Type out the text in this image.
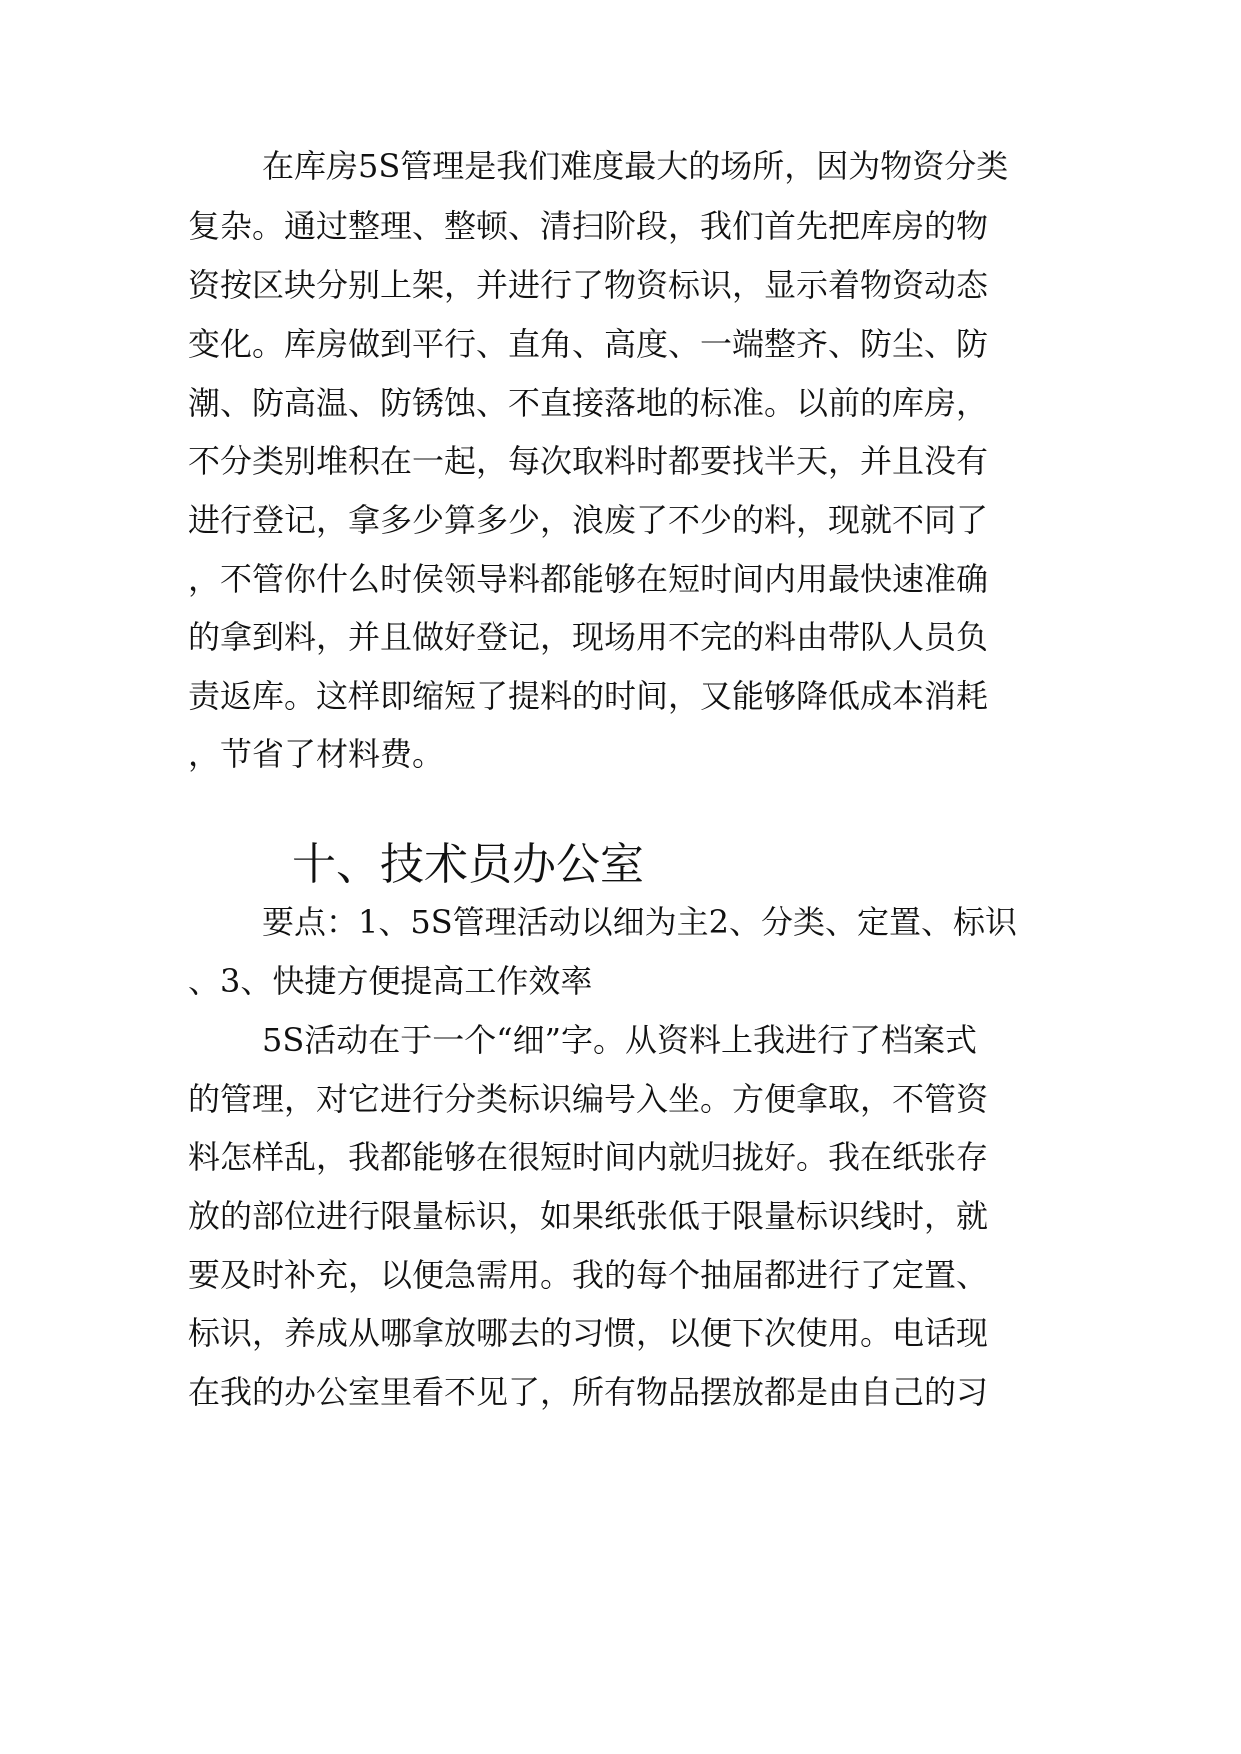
在库房5S管理是我们难度最大的场所，因为物资分类

复杂。通过整理、整顿、清扫阶段，我们首先把库房的物

资按区块分别上架，并进行了物资标识，显示着物资动态

变化。库房做到平行、直角、高度、一端整齐、防尘、防

潮、防高温、防锈蚀、不直接落地的标准。以前的库房，

不分类别堆积在一起，每次取料时都要找半天，并且没有

进行登记，拿多少算多少，浪废了不少的料，现就不同了

，不管你什么时侯领导料都能够在短时间内用最快速准确

的拿到料，并且做好登记，现场用不完的料由带队人员负

责返库。这样即缩短了提料的时间，又能够降低成本消耗

，节省了材料费。

十、技术员办公室

要点：1、5S管理活动以细为主2、分类、定置、标识

、3、快捷方便提高工作效率

5S活动在于一个“细”字。从资料上我进行了档案式

的管理，对它进行分类标识编号入坐。方便拿取，不管资

料怎样乱，我都能够在很短时间内就归拢好。我在纸张存

放的部位进行限量标识，如果纸张低于限量标识线时，就

要及时补充，以便急需用。我的每个抽届都进行了定置、

标识，养成从哪拿放哪去的习惯，以便下次使用。电话现

在我的办公室里看不见了，所有物品摆放都是由自己的习
